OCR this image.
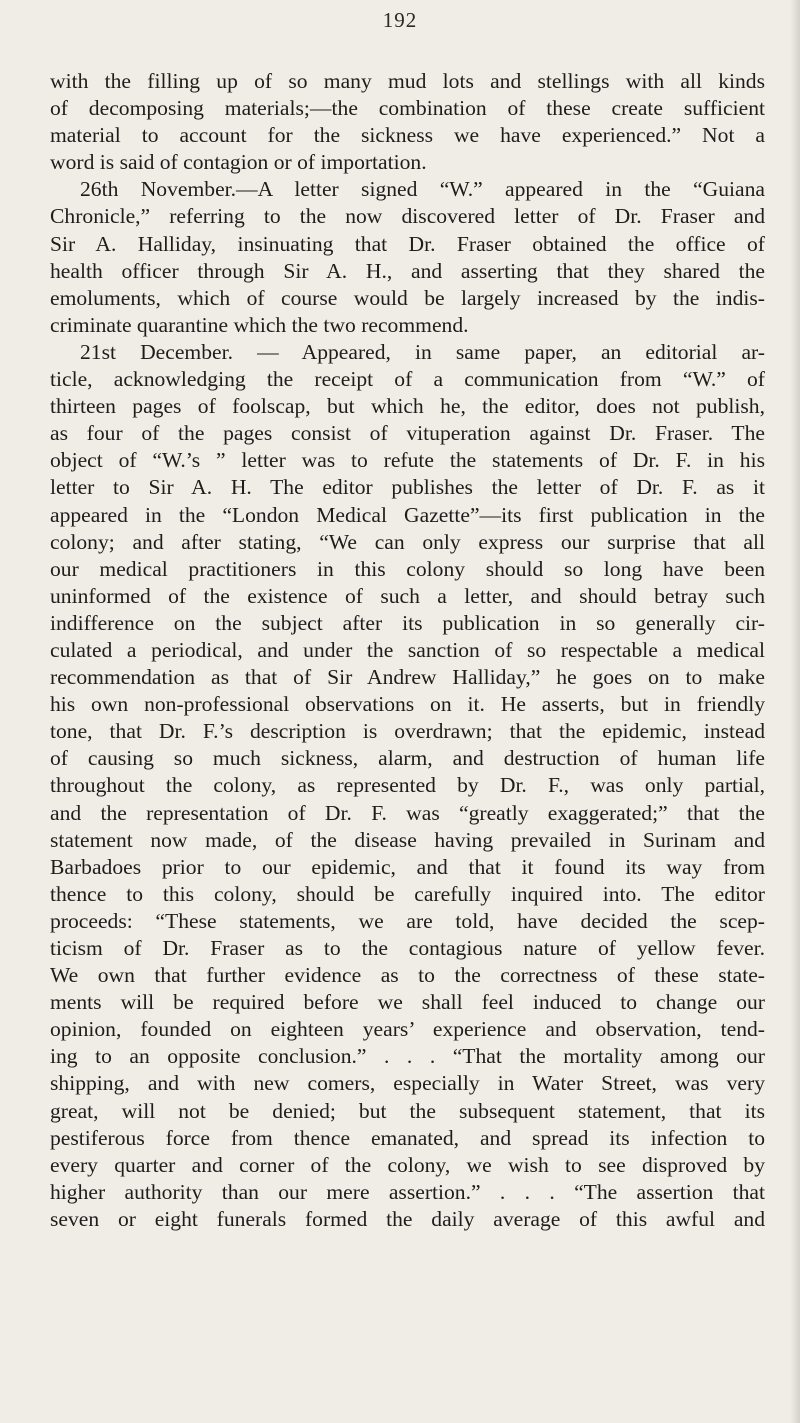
192
with the filling up of so many mud lots and stellings with all kinds
of decomposing materials;—the combination of these create sufficient
material to account for the sickness we have experienced.” Not a
word is said of contagion or of importation.
26th November.—A letter signed “W.” appeared in the “Guiana
Chronicle,” referring to the now discovered letter of Dr. Fraser and
Sir A. Halliday, insinuating that Dr. Fraser obtained the office of
health officer through Sir A. H., and asserting that they shared the
emoluments, which of course would be largely increased by the indis-
criminate quarantine which the two recommend.
21st December. — Appeared, in same paper, an editorial ar-
ticle, acknowledging the receipt of a communication from “W.” of
thirteen pages of foolscap, but which he, the editor, does not publish,
as four of the pages consist of vituperation against Dr. Fraser. The
object of “W.’s ” letter was to refute the statements of Dr. F. in his
letter to Sir A. H. The editor publishes the letter of Dr. F. as it
appeared in the “London Medical Gazette”—its first publication in the
colony; and after stating, “We can only express our surprise that all
our medical practitioners in this colony should so long have been
uninformed of the existence of such a letter, and should betray such
indifference on the subject after its publication in so generally cir-
culated a periodical, and under the sanction of so respectable a medical
recommendation as that of Sir Andrew Halliday,” he goes on to make
his own non-professional observations on it. He asserts, but in friendly
tone, that Dr. F.’s description is overdrawn; that the epidemic, instead
of causing so much sickness, alarm, and destruction of human life
throughout the colony, as represented by Dr. F., was only partial,
and the representation of Dr. F. was “greatly exaggerated;” that the
statement now made, of the disease having prevailed in Surinam and
Barbadoes prior to our epidemic, and that it found its way from
thence to this colony, should be carefully inquired into. The editor
proceeds: “These statements, we are told, have decided the scep-
ticism of Dr. Fraser as to the contagious nature of yellow fever.
We own that further evidence as to the correctness of these state-
ments will be required before we shall feel induced to change our
opinion, founded on eighteen years’ experience and observation, tend-
ing to an opposite conclusion.” . . . “That the mortality among our
shipping, and with new comers, especially in Water Street, was very
great, will not be denied; but the subsequent statement, that its
pestiferous force from thence emanated, and spread its infection to
every quarter and corner of the colony, we wish to see disproved by
higher authority than our mere assertion.” . . . “The assertion that
seven or eight funerals formed the daily average of this awful and
